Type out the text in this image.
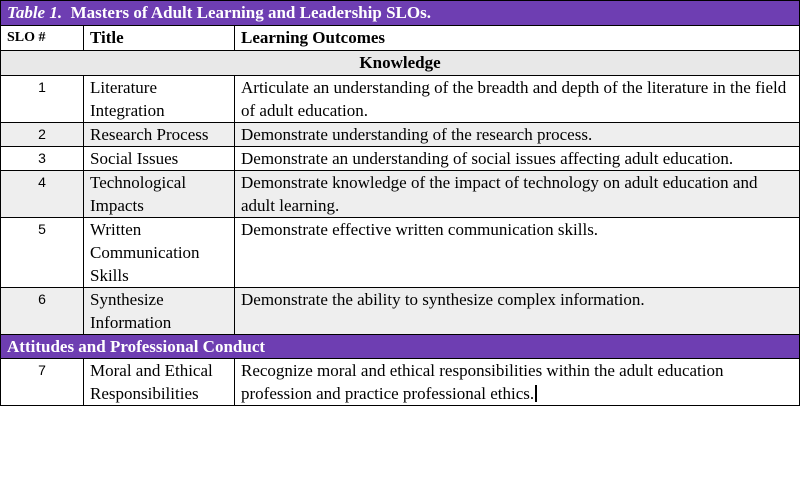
Table 1. Masters of Adult Learning and Leadership SLOs.		
SLO #	Title	Learning Outcomes
Knowledge		
1	Literature Integration	Articulate an understanding of the breadth and depth of the literature in the field of adult education.
2	Research Process	Demonstrate understanding of the research process.
3	Social Issues	Demonstrate an understanding of social issues affecting adult education.
4	Technological Impacts	Demonstrate knowledge of the impact of technology on adult education and adult learning.
5	Written Communication Skills	Demonstrate effective written communication skills.
6	Synthesize Information	Demonstrate the ability to synthesize complex information.
Attitudes and Professional Conduct		
7	Moral and Ethical Responsibilities	Recognize moral and ethical responsibilities within the adult education profession and practice professional ethics.
